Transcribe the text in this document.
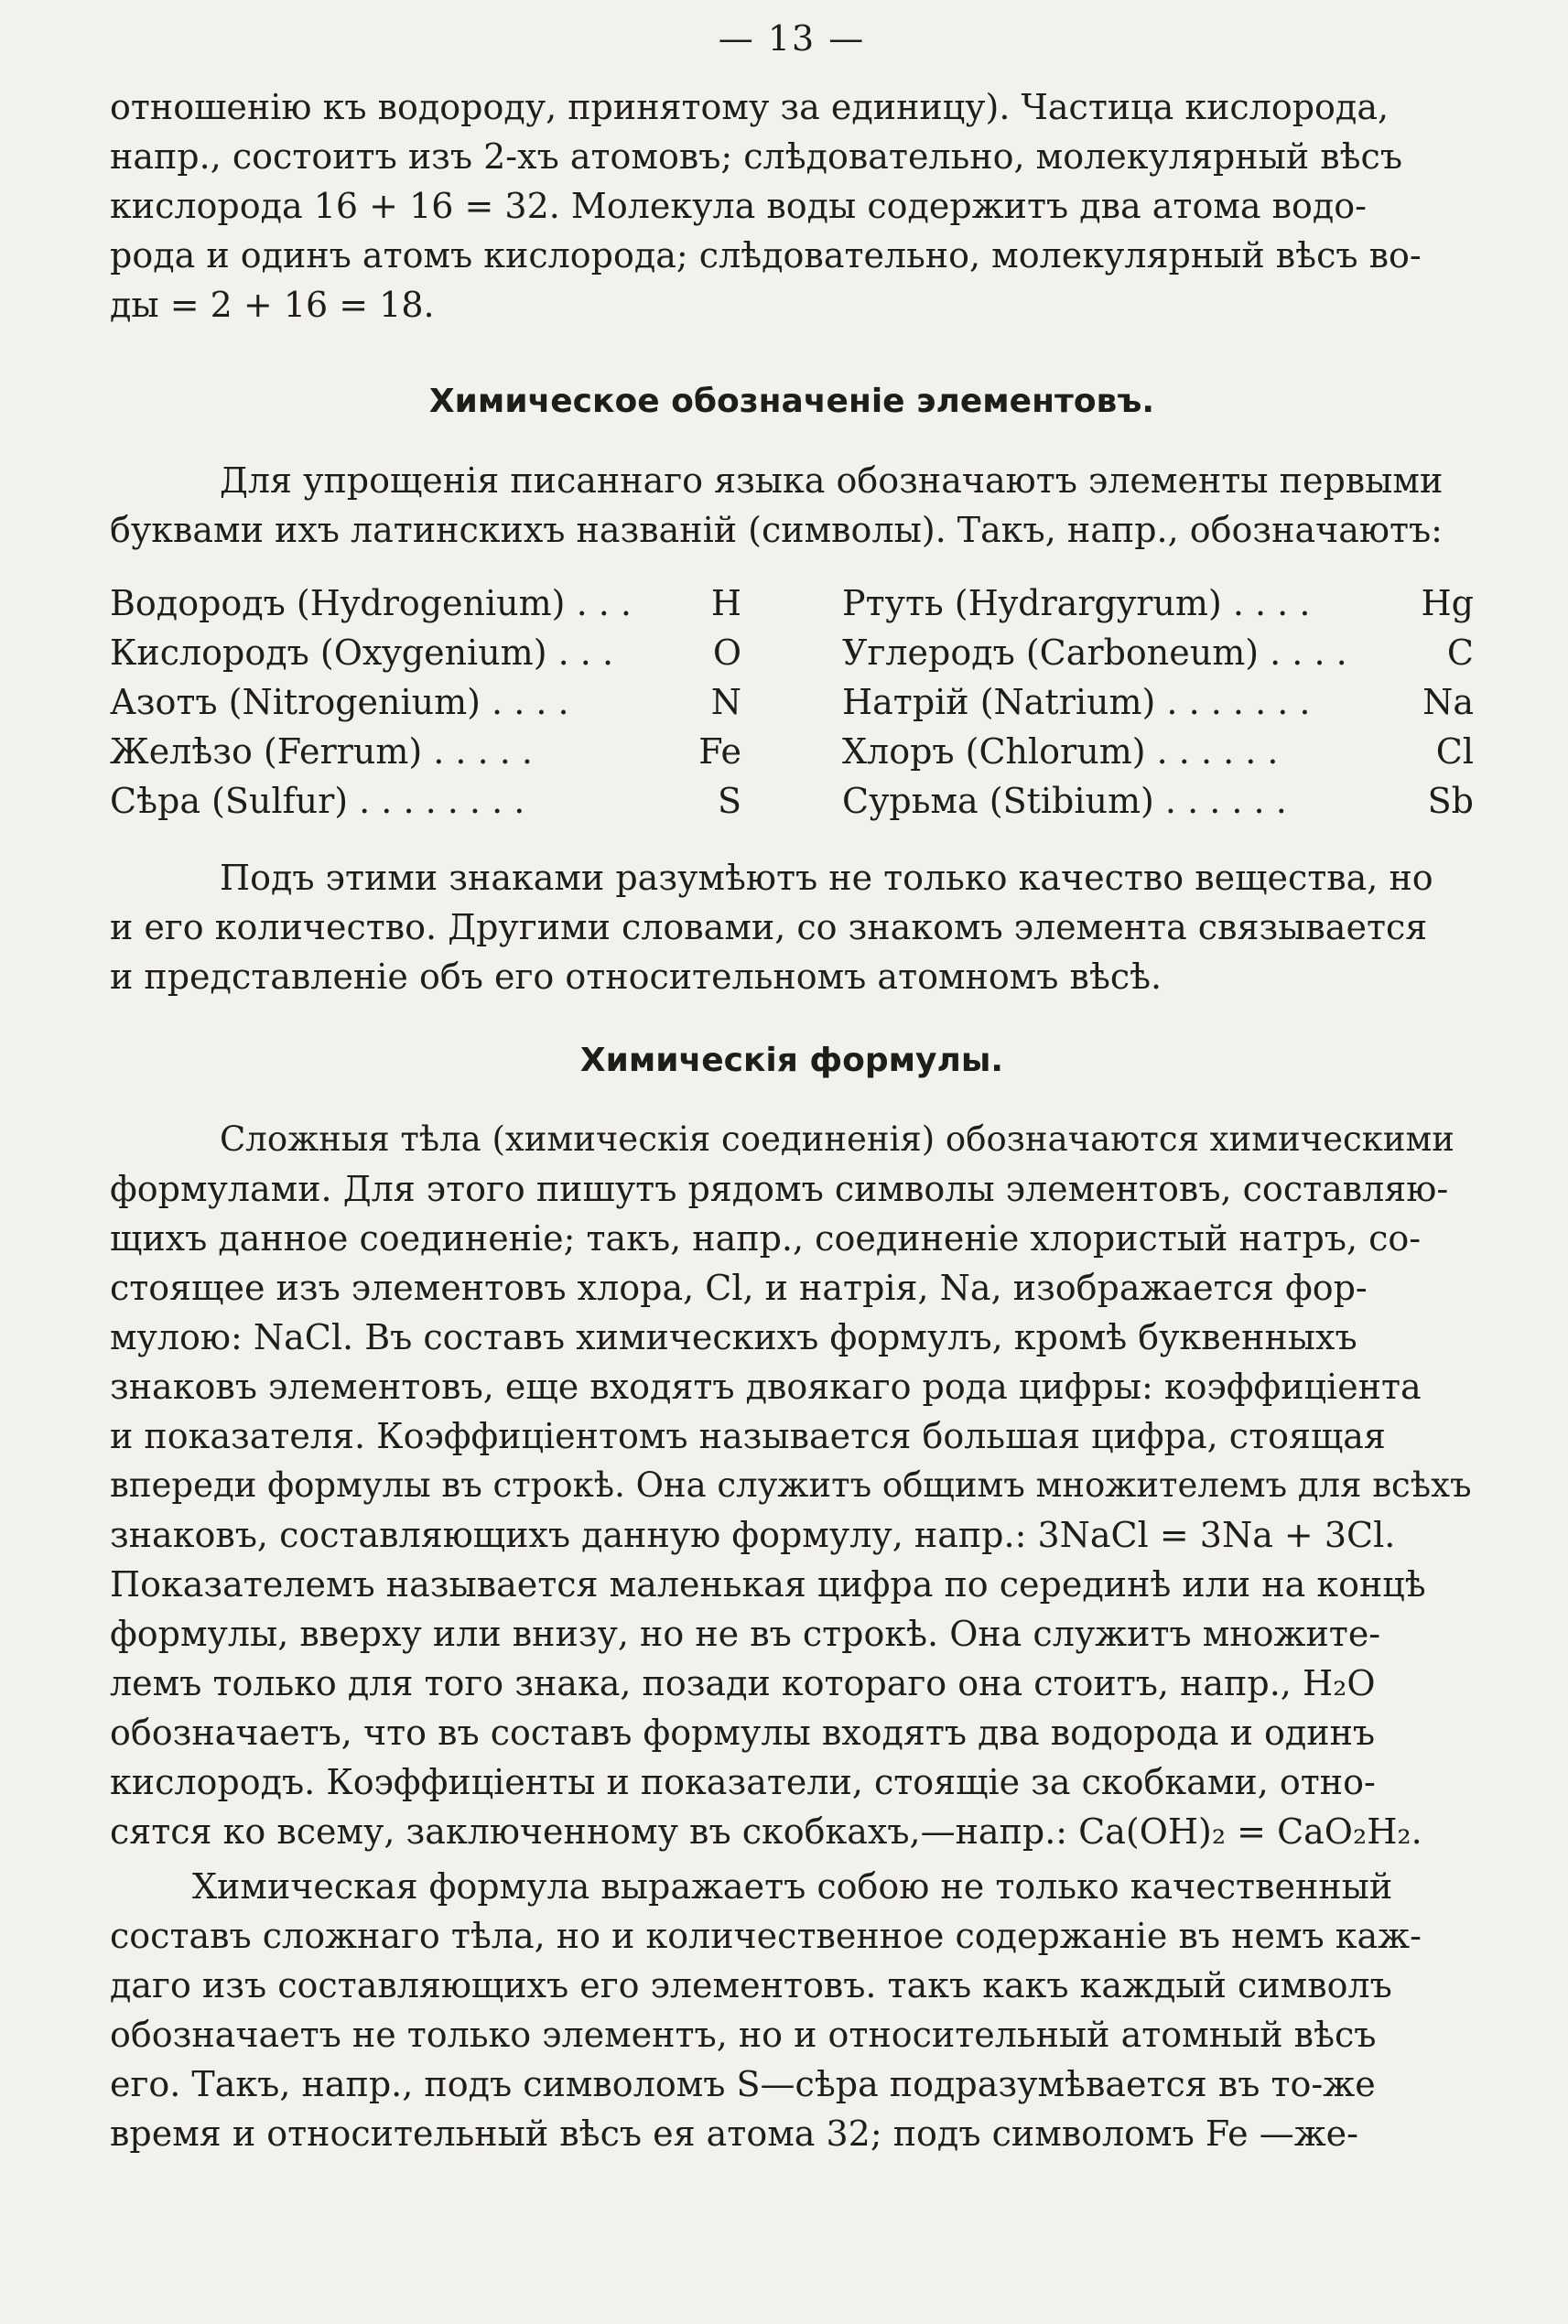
— 13 —
отношенію къ водороду, принятому за единицу). Частица кислорода,
напр., состоитъ изъ 2-хъ атомовъ; слѣдовательно, молекулярный вѣсъ
кислорода 16 + 16 = 32. Молекула воды содержитъ два атома водо-
рода и одинъ атомъ кислорода; слѣдовательно, молекулярный вѣсъ во-
ды = 2 + 16 = 18.
Химическое обозначеніе элементовъ.
Для упрощенія писаннаго языка обозначаютъ элементы первыми
буквами ихъ латинскихъ названій (символы). Такъ, напр., обозначаютъ:
Водородъ (Hydrogenium) . . . H	Ртуть (Hydrargyrum) . . . .	Hg
Кислородъ (Oxygenium) . . .	O	Углеродъ (Carboneum) . . . .	C
Азотъ (Nitrogenium) . . . .	N	Натрій (Natrium) . . . . . . .	Na
Желѣзо (Ferrum) . . . . .	Fe	Хлоръ (Chlorum) . . . . . .	Cl
Сѣра (Sulfur) . . . . . . . .	S	Сурьма (Stibium) . . . . . .	Sb
Подъ этими знаками разумѣютъ не только качество вещества, но
и его количество. Другими словами, со знакомъ элемента связывается
и представленіе объ его относительномъ атомномъ вѣсѣ.
Химическія формулы.
Сложныя тѣла (химическія соединенія) обозначаются химическими
формулами. Для этого пишутъ рядомъ символы элементовъ, составляю-
щихъ данное соединеніе; такъ, напр., соединеніе хлористый натръ, со-
стоящее изъ элементовъ хлора, Cl, и натрія, Na, изображается фор-
мулою: NaCl. Въ составъ химическихъ формулъ, кромѣ буквенныхъ
знаковъ элементовъ, еще входятъ двоякаго рода цифры: коэффиціента
и показателя. Коэффиціентомъ называется большая цифра, стоящая
впереди формулы въ строкѣ. Она служитъ общимъ множителемъ для всѣхъ
знаковъ, составляющихъ данную формулу, напр.: 3NaCl = 3Na + 3Cl.
Показателемъ называется маленькая цифра по серединѣ или на концѣ
формулы, вверху или внизу, но не въ строкѣ. Она служитъ множите-
лемъ только для того знака, позади котораго она стоитъ, напр., H₂O
обозначаетъ, что въ составъ формулы входятъ два водорода и одинъ
кислородъ. Коэффиціенты и показатели, стоящіе за скобками, отно-
сятся ко всему, заключенному въ скобкахъ,—напр.: Ca(OH)₂ = CaO₂H₂.
Химическая формула выражаетъ собою не только качественный
составъ сложнаго тѣла, но и количественное содержаніе въ немъ каж-
даго изъ составляющихъ его элементовъ. такъ какъ каждый символъ
обозначаетъ не только элементъ, но и относительный атомный вѣсъ
его. Такъ, напр., подъ символомъ S—сѣра подразумѣвается въ то-же
время и относительный вѣсъ ея атома 32; подъ символомъ Fe —же-
